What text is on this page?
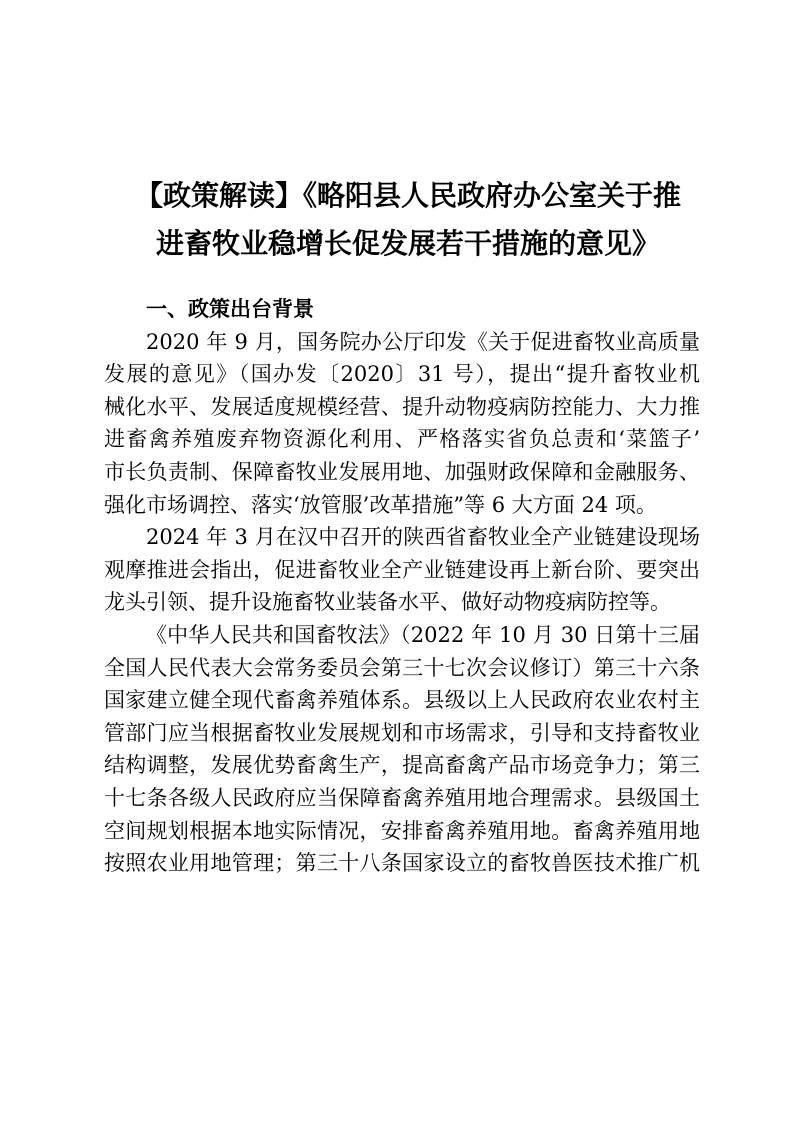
【政策解读】《略阳县人民政府办公室关于推
进畜牧业稳增长促发展若干措施的意见》

一、政策出台背景

2020 年 9 月，国务院办公厅印发《关于促进畜牧业高质量
发展的意见》（国办发〔2020〕31 号），提出“提升畜牧业机
械化水平、发展适度规模经营、提升动物疫病防控能力、大力推
进畜禽养殖废弃物资源化利用、严格落实省负总责和‘菜篮子’
市长负责制、保障畜牧业发展用地、加强财政保障和金融服务、
强化市场调控、落实‘放管服’改革措施”等 6 大方面 24 项。

2024 年 3 月在汉中召开的陕西省畜牧业全产业链建设现场
观摩推进会指出，促进畜牧业全产业链建设再上新台阶、要突出
龙头引领、提升设施畜牧业装备水平、做好动物疫病防控等。

《中华人民共和国畜牧法》（2022 年 10 月 30 日第十三届
全国人民代表大会常务委员会第三十七次会议修订）第三十六条
国家建立健全现代畜禽养殖体系。县级以上人民政府农业农村主
管部门应当根据畜牧业发展规划和市场需求，引导和支持畜牧业
结构调整，发展优势畜禽生产，提高畜禽产品市场竞争力；第三
十七条各级人民政府应当保障畜禽养殖用地合理需求。县级国土
空间规划根据本地实际情况，安排畜禽养殖用地。畜禽养殖用地
按照农业用地管理；第三十八条国家设立的畜牧兽医技术推广机
